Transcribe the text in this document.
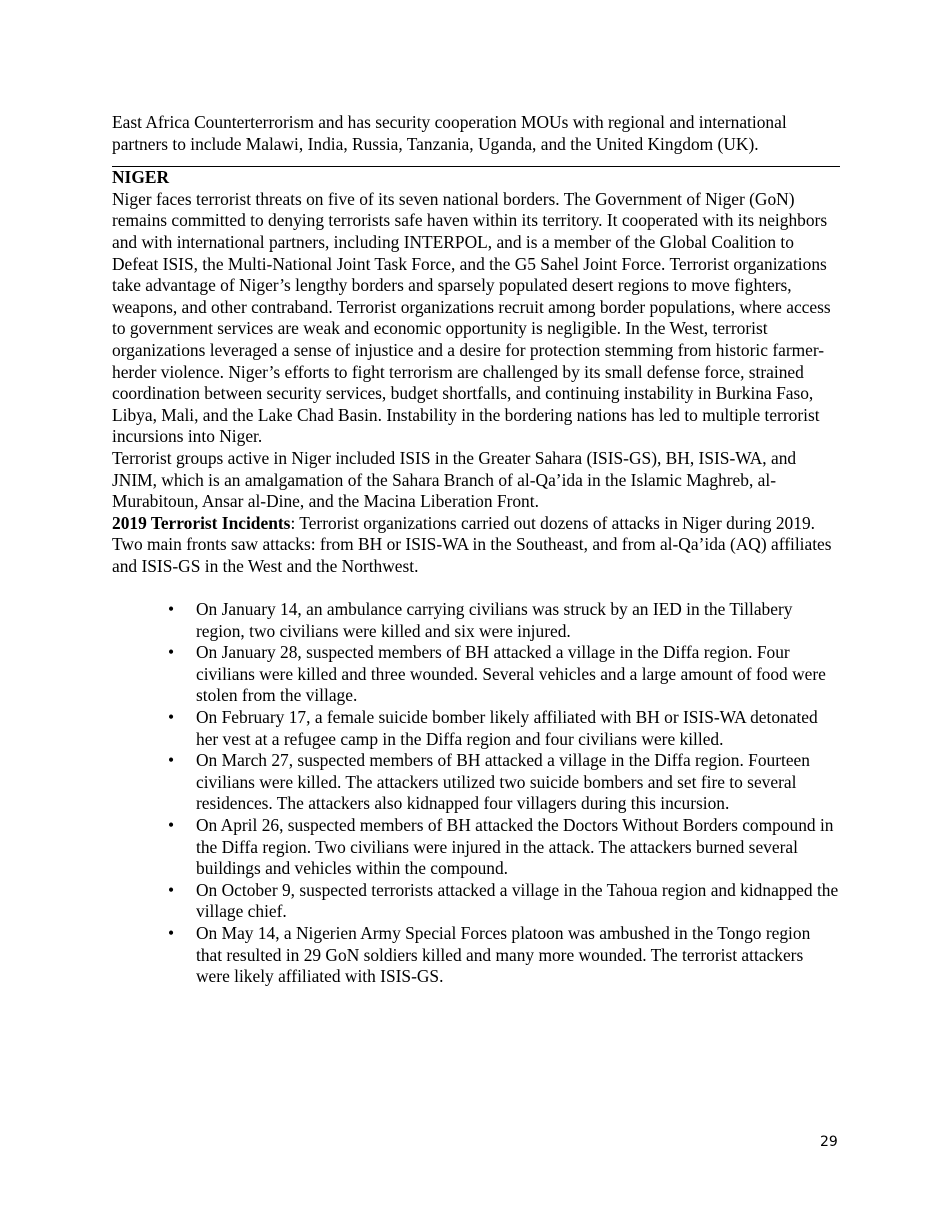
East Africa Counterterrorism and has security cooperation MOUs with regional and international partners to include Malawi, India, Russia, Tanzania, Uganda, and the United Kingdom (UK).

NIGER

Niger faces terrorist threats on five of its seven national borders. The Government of Niger (GoN) remains committed to denying terrorists safe haven within its territory. It cooperated with its neighbors and with international partners, including INTERPOL, and is a member of the Global Coalition to Defeat ISIS, the Multi-National Joint Task Force, and the G5 Sahel Joint Force. Terrorist organizations take advantage of Niger’s lengthy borders and sparsely populated desert regions to move fighters, weapons, and other contraband. Terrorist organizations recruit among border populations, where access to government services are weak and economic opportunity is negligible. In the West, terrorist organizations leveraged a sense of injustice and a desire for protection stemming from historic farmer-herder violence. Niger’s efforts to fight terrorism are challenged by its small defense force, strained coordination between security services, budget shortfalls, and continuing instability in Burkina Faso, Libya, Mali, and the Lake Chad Basin. Instability in the bordering nations has led to multiple terrorist incursions into Niger.

Terrorist groups active in Niger included ISIS in the Greater Sahara (ISIS-GS), BH, ISIS-WA, and JNIM, which is an amalgamation of the Sahara Branch of al-Qa’ida in the Islamic Maghreb, al-Murabitoun, Ansar al-Dine, and the Macina Liberation Front.

2019 Terrorist Incidents: Terrorist organizations carried out dozens of attacks in Niger during 2019. Two main fronts saw attacks: from BH or ISIS-WA in the Southeast, and from al-Qa’ida (AQ) affiliates and ISIS-GS in the West and the Northwest.

• On January 14, an ambulance carrying civilians was struck by an IED in the Tillabery region, two civilians were killed and six were injured.
• On January 28, suspected members of BH attacked a village in the Diffa region. Four civilians were killed and three wounded. Several vehicles and a large amount of food were stolen from the village.
• On February 17, a female suicide bomber likely affiliated with BH or ISIS-WA detonated her vest at a refugee camp in the Diffa region and four civilians were killed.
• On March 27, suspected members of BH attacked a village in the Diffa region. Fourteen civilians were killed. The attackers utilized two suicide bombers and set fire to several residences. The attackers also kidnapped four villagers during this incursion.
• On April 26, suspected members of BH attacked the Doctors Without Borders compound in the Diffa region. Two civilians were injured in the attack. The attackers burned several buildings and vehicles within the compound.
• On October 9, suspected terrorists attacked a village in the Tahoua region and kidnapped the village chief.
• On May 14, a Nigerien Army Special Forces platoon was ambushed in the Tongo region that resulted in 29 GoN soldiers killed and many more wounded. The terrorist attackers were likely affiliated with ISIS-GS.
29
